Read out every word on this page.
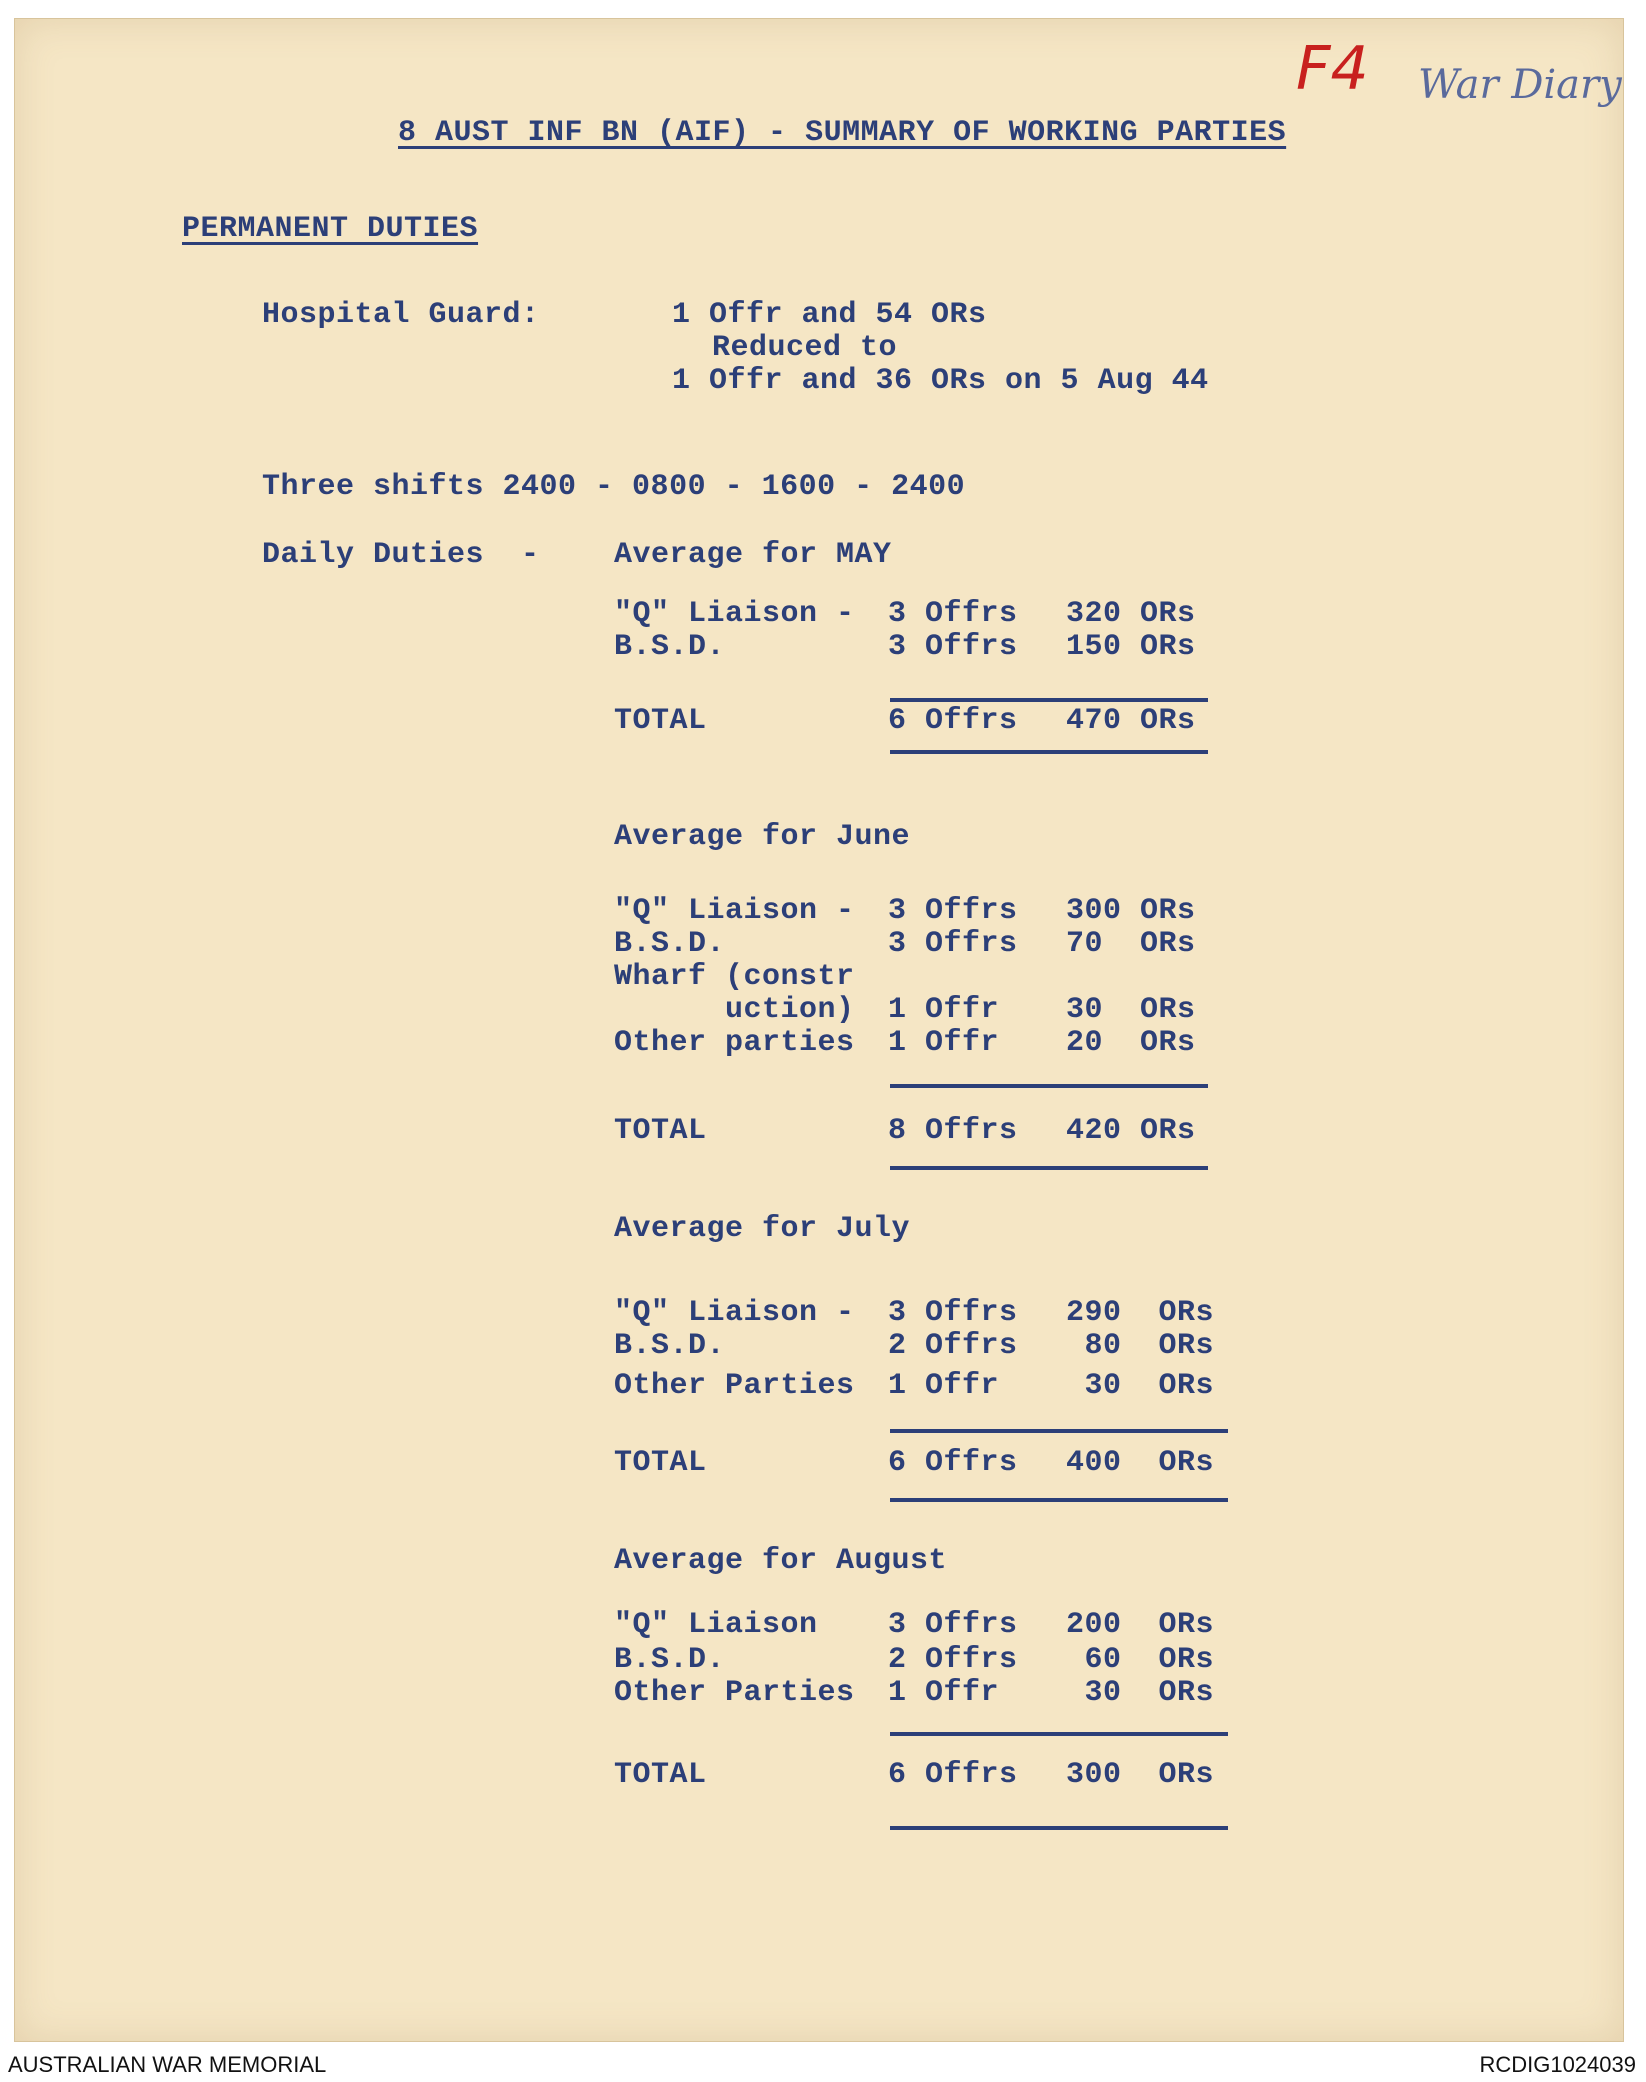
F4 War Diary
8 AUST INF BN (AIF) - SUMMARY OF WORKING PARTIES
PERMANENT DUTIES
Hospital Guard:	1 Offr and 54 ORs
Reduced to
1 Offr and 36 ORs on 5 Aug 44
Three shifts 2400 - 0800 - 1600 - 2400
Daily Duties  - Average for MAY
"Q" Liaison - 3 Offrs 320 ORs
B.S.D.	3 Offrs 150 ORs
TOTAL	6 Offrs 470 ORs
Average for June
"Q" Liaison - 3 Offrs 300 ORs
B.S.D.	3 Offrs 70  ORs
Wharf (constr
uction) 1 Offr 30  ORs
Other parties 1 Offr 20  ORs
TOTAL	8 Offrs 420 ORs
Average for July
"Q" Liaison - 3 Offrs 290  ORs
B.S.D.	2 Offrs 80  ORs
Other Parties 1 Offr 30  ORs
TOTAL	6 Offrs 400  ORs
Average for August
"Q" Liaison 3 Offrs 200  ORs
B.S.D.	2 Offrs 60  ORs
Other Parties 1 Offr 30  ORs
TOTAL	6 Offrs 300  ORs
AUSTRALIAN WAR MEMORIAL	RCDIG1024039
